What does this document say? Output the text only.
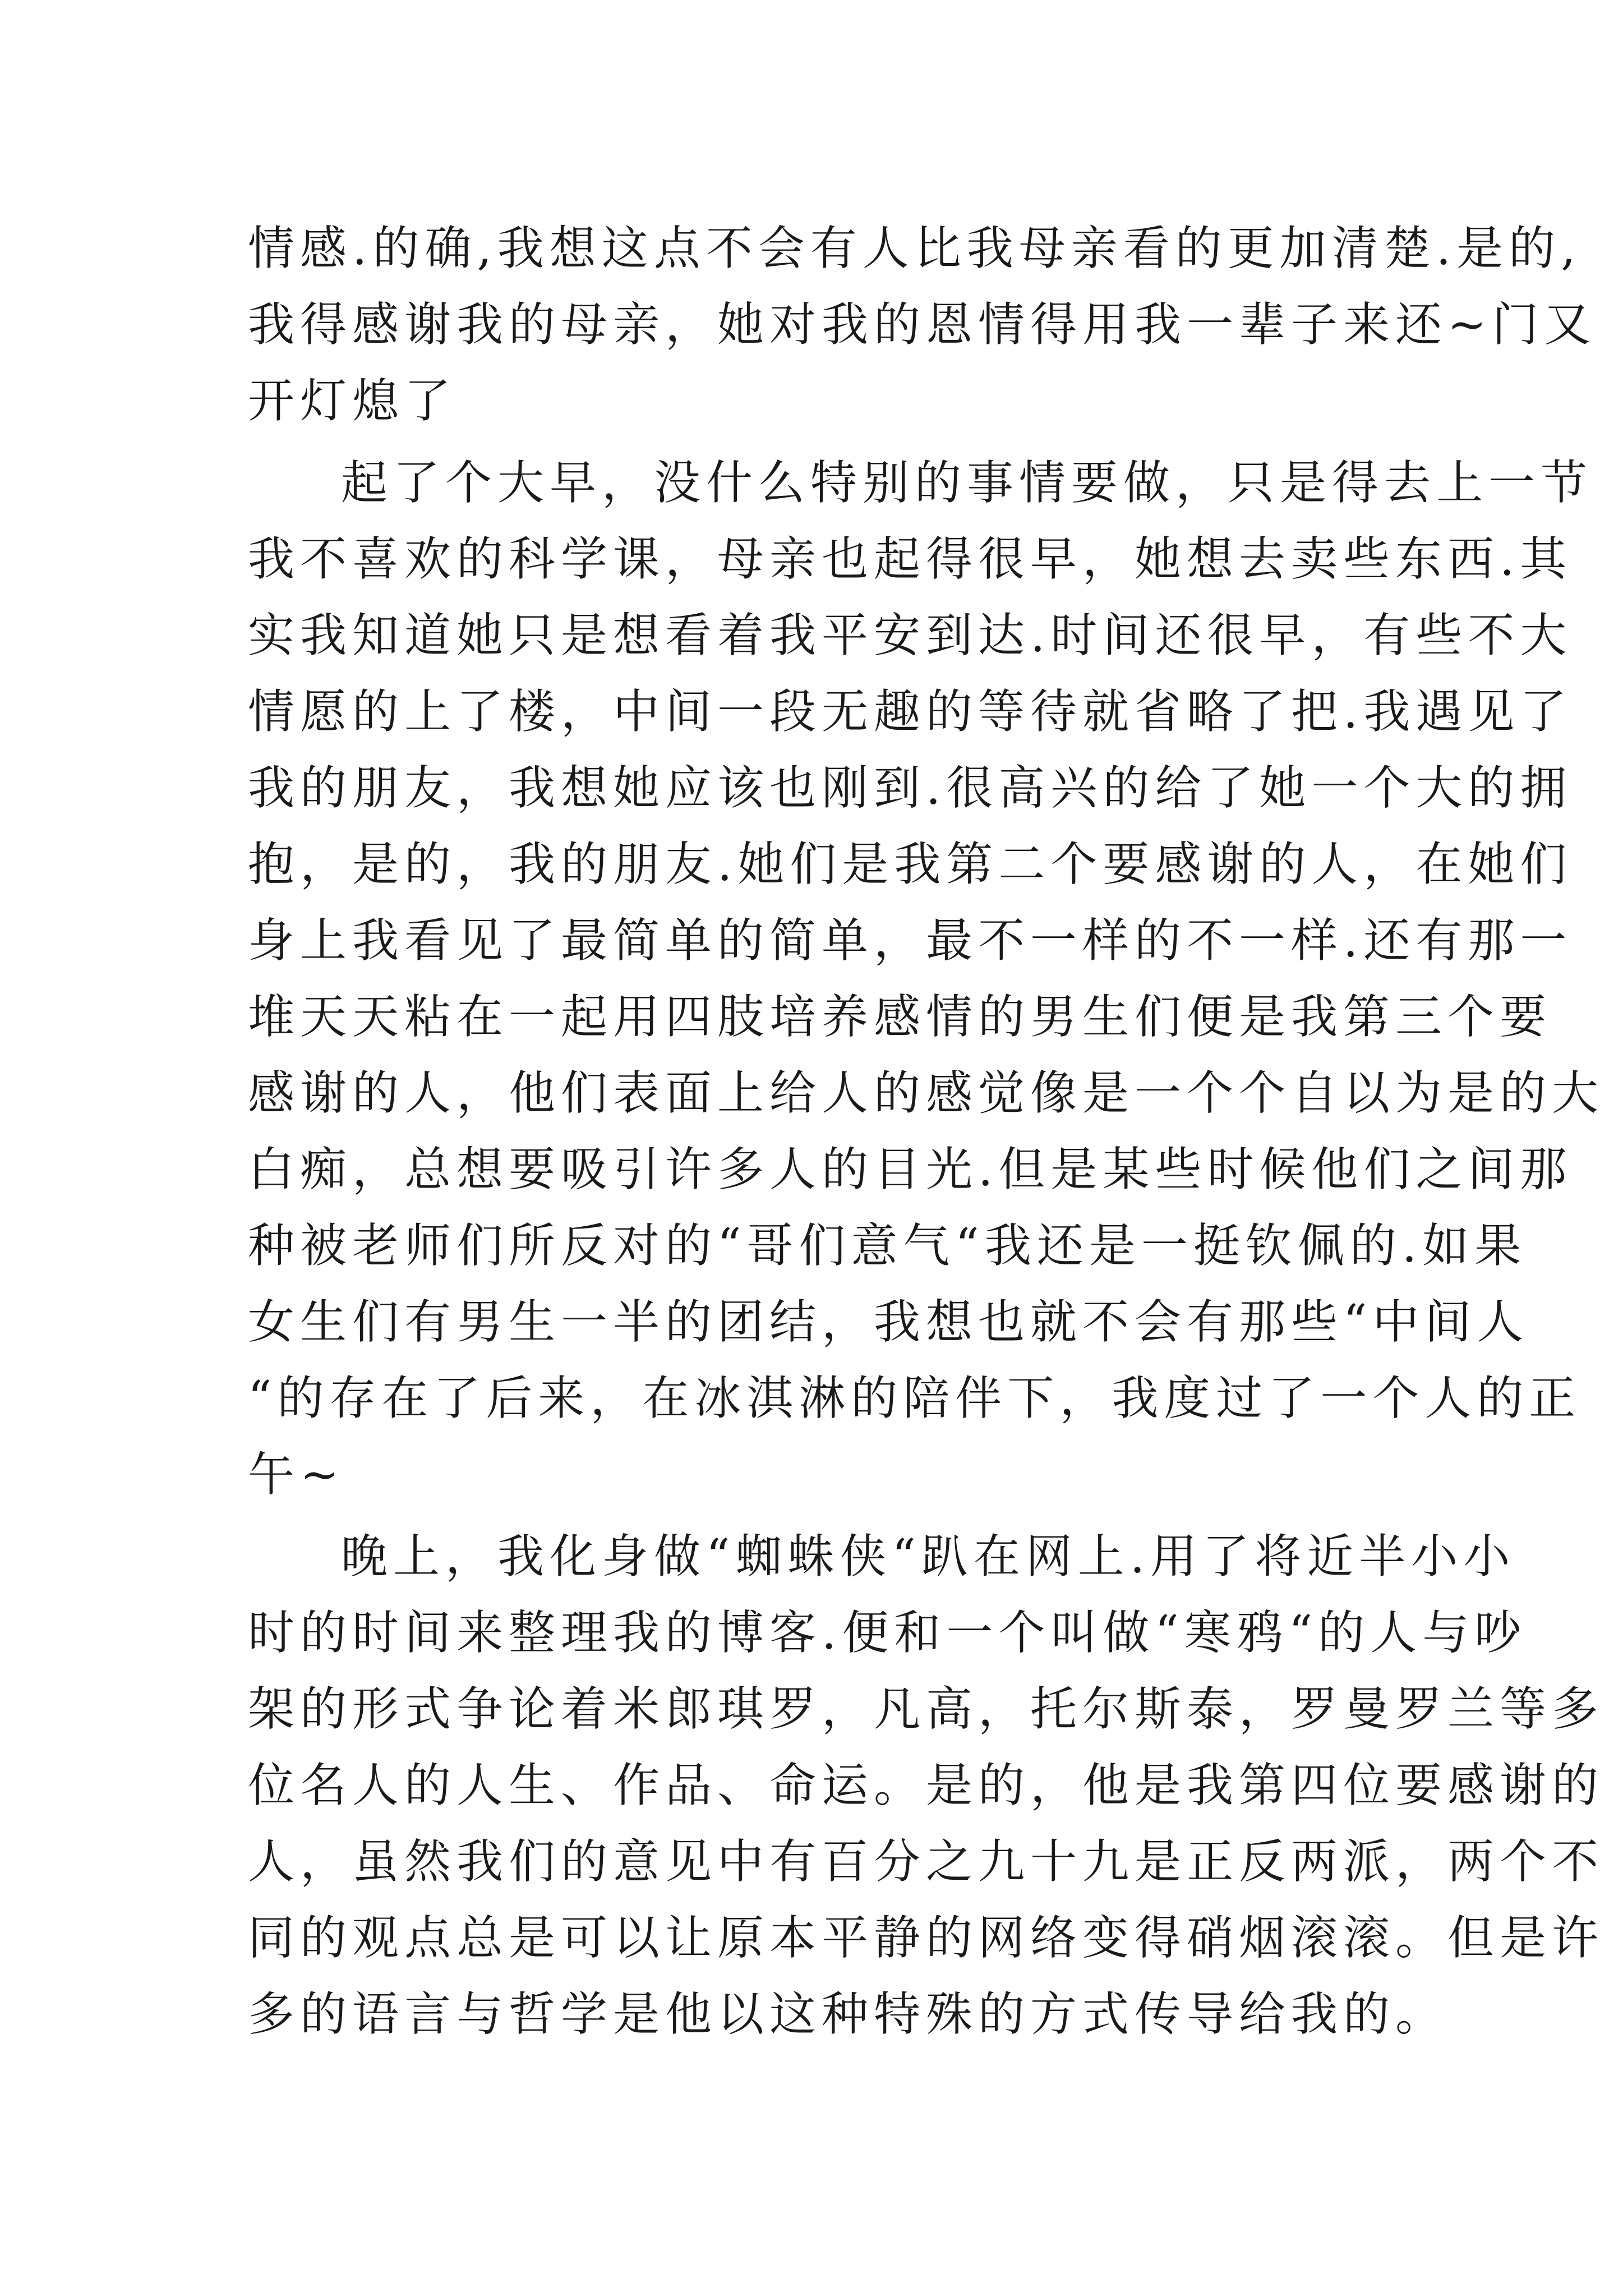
情感.的确,我想这点不会有人比我母亲看的更加清楚.是的,
我得感谢我的母亲，她对我的恩情得用我一辈子来还~门又
开灯熄了
起了个大早，没什么特别的事情要做，只是得去上一节
我不喜欢的科学课，母亲也起得很早，她想去卖些东西.其
实我知道她只是想看着我平安到达.时间还很早，有些不大
情愿的上了楼，中间一段无趣的等待就省略了把.我遇见了
我的朋友，我想她应该也刚到.很高兴的给了她一个大的拥
抱，是的，我的朋友.她们是我第二个要感谢的人，在她们
身上我看见了最简单的简单，最不一样的不一样.还有那一
堆天天粘在一起用四肢培养感情的男生们便是我第三个要
感谢的人，他们表面上给人的感觉像是一个个自以为是的大
白痴，总想要吸引许多人的目光.但是某些时候他们之间那
种被老师们所反对的“哥们意气“我还是一挺钦佩的.如果
女生们有男生一半的团结，我想也就不会有那些“中间人
“的存在了后来，在冰淇淋的陪伴下，我度过了一个人的正
午~
晚上，我化身做“蜘蛛侠“趴在网上.用了将近半小小
时的时间来整理我的博客.便和一个叫做“寒鸦“的人与吵
架的形式争论着米郎琪罗，凡高，托尔斯泰，罗曼罗兰等多
位名人的人生、作品、命运。是的，他是我第四位要感谢的
人，虽然我们的意见中有百分之九十九是正反两派，两个不
同的观点总是可以让原本平静的网络变得硝烟滚滚。但是许
多的语言与哲学是他以这种特殊的方式传导给我的。
